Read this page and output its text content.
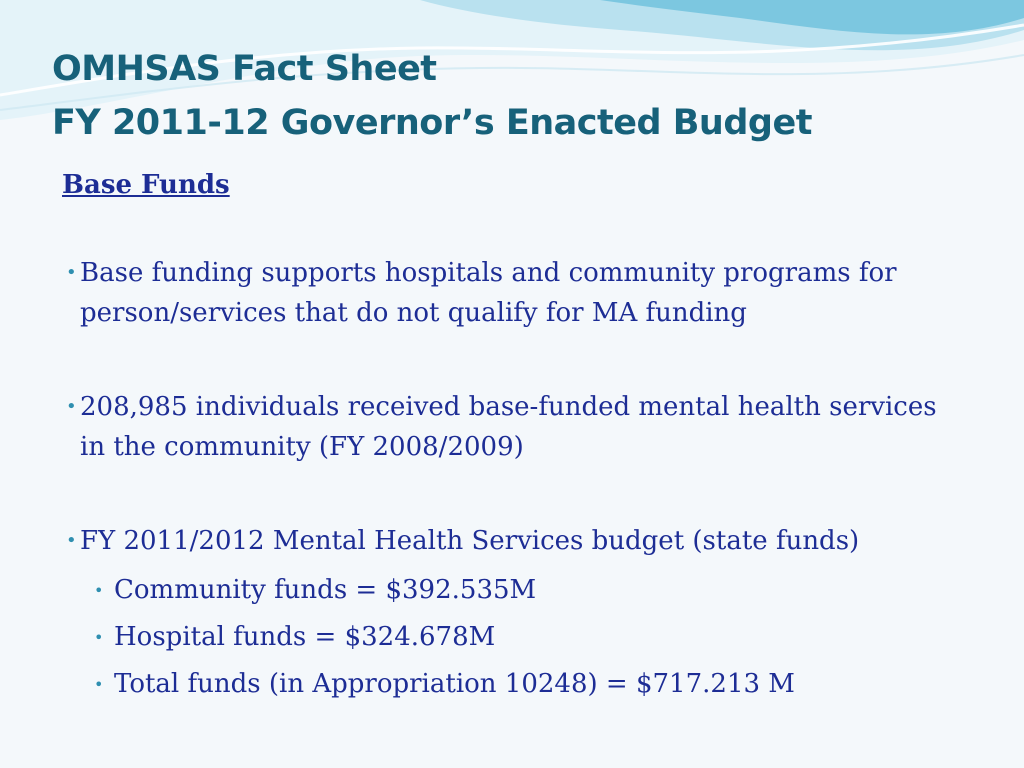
OMHSAS Fact Sheet
FY 2011-12 Governor’s Enacted Budget
Base Funds
• Base funding supports hospitals and community programs for person/services that do not qualify for MA funding
• 208,985 individuals received base-funded mental health services in the community (FY 2008/2009)
• FY 2011/2012 Mental Health Services budget (state funds)
• Community funds = $392.535M
• Hospital funds = $324.678M
• Total funds (in Appropriation 10248) = $717.213 M
